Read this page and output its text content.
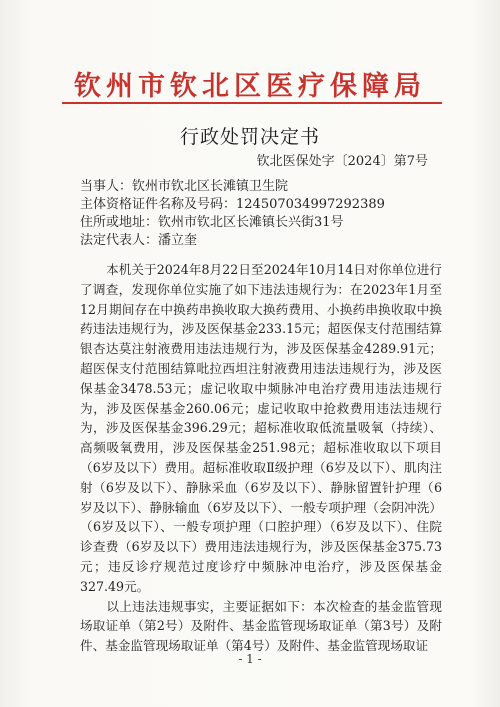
钦州市钦北区医疗保障局
行政处罚决定书
钦北医保处字〔2024〕第7号
当事人：钦州市钦北区长滩镇卫生院
主体资格证件名称及号码：124507034997292389
住所或地址：钦州市钦北区长滩镇长兴街31号
法定代表人：潘立奎

本机关于2024年8月22日至2024年10月14日对你单位进行了调查，发现你单位实施了如下违法违规行为：在2023年1月至12月期间存在中换药串换收取大换药费用、小换药串换收取中换药违法违规行为，涉及医保基金233.15元；超医保支付范围结算银杏达莫注射液费用违法违规行为，涉及医保基金4289.91元；超医保支付范围结算吡拉西坦注射液费用违法违规行为，涉及医保基金3478.53元；虚记收取中频脉冲电治疗费用违法违规行为，涉及医保基金260.06元；虚记收取中抢救费用违法违规行为，涉及医保基金396.29元；超标准收取低流量吸氧（持续）、高频吸氧费用，涉及医保基金251.98元；超标准收取以下项目（6岁及以下）费用。超标准收取Ⅱ级护理（6岁及以下）、肌肉注射（6岁及以下）、静脉采血（6岁及以下）、静脉留置针护理（6岁及以下）、静脉输血（6岁及以下）、一般专项护理（会阴冲洗）（6岁及以下）、一般专项护理（口腔护理）（6岁及以下）、住院诊查费（6岁及以下）费用违法违规行为，涉及医保基金375.73元；违反诊疗规范过度诊疗中频脉冲电治疗，涉及医保基金327.49元。

以上违法违规事实，主要证据如下：本次检查的基金监管现场取证单（第2号）及附件、基金监管现场取证单（第3号）及附件、基金监管现场取证单（第4号）及附件、基金监管现场取证

- 1 -
